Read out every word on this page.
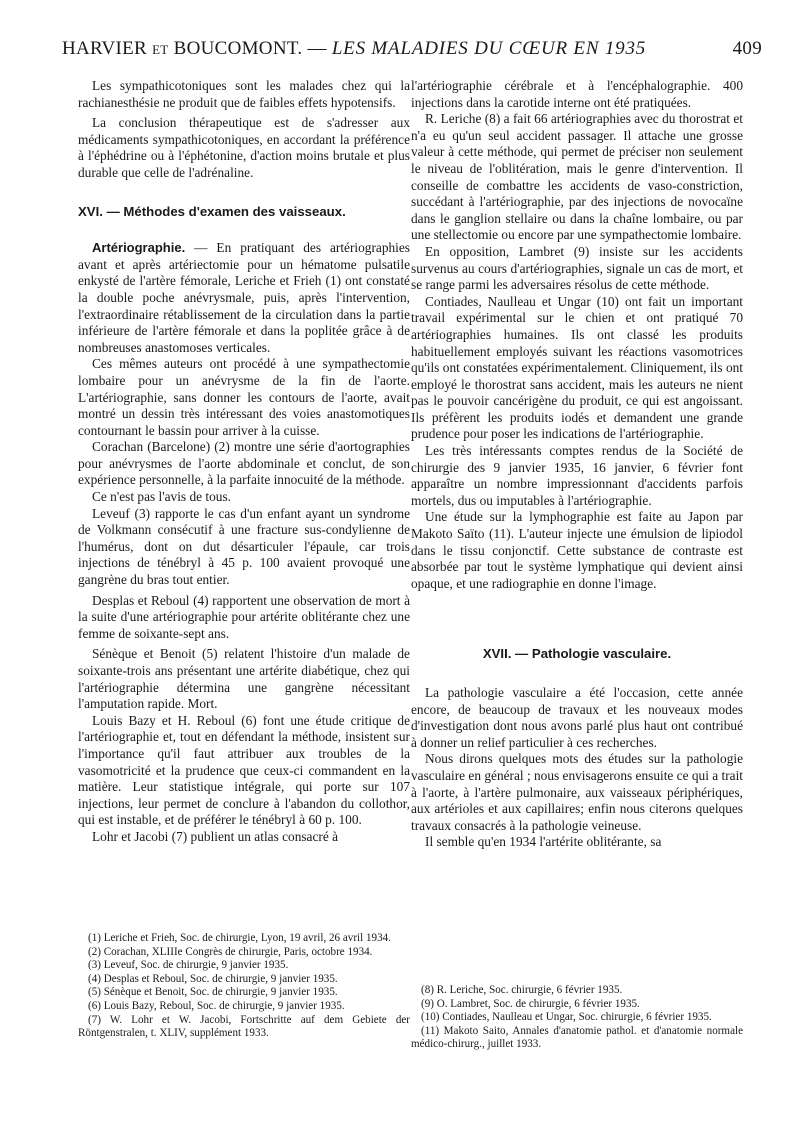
HARVIER et BOUCOMONT. — LES MALADIES DU CŒUR EN 1935	409

Les sympathicotoniques sont les malades chez qui la rachianesthésie ne produit que de faibles effets hypotensifs.

La conclusion thérapeutique est de s'adresser aux médicaments sympathicotoniques, en accordant la préférence à l'éphédrine ou à l'éphétonine, d'action moins brutale et plus durable que celle de l'adrénaline.

XVI. — Méthodes d'examen des vaisseaux.

Artériographie. — En pratiquant des artériographies avant et après artériectomie pour un hématome pulsatile enkysté de l'artère fémorale, Leriche et Frieh (1) ont constaté la double poche anévrysmale, puis, après l'intervention, l'extraordinaire rétablissement de la circulation dans la partie inférieure de l'artère fémorale et dans la poplitée grâce à de nombreuses anastomoses verticales.

Ces mêmes auteurs ont procédé à une sympathectomie lombaire pour un anévrysme de la fin de l'aorte. L'artériographie, sans donner les contours de l'aorte, avait montré un dessin très intéressant des voies anastomotiques contournant le bassin pour arriver à la cuisse.

Corachan (Barcelone) (2) montre une série d'aortographies pour anévrysmes de l'aorte abdominale et conclut, de son expérience personnelle, à la parfaite innocuité de la méthode.

Ce n'est pas l'avis de tous.

Leveuf (3) rapporte le cas d'un enfant ayant un syndrome de Volkmann consécutif à une fracture sus-condylienne de l'humérus, dont on dut désarticuler l'épaule, car trois injections de ténébryl à 45 p. 100 avaient provoqué une gangrène du bras tout entier.

Desplas et Reboul (4) rapportent une observation de mort à la suite d'une artériographie pour artérite oblitérante chez une femme de soixante-sept ans.

Sénèque et Benoit (5) relatent l'histoire d'un malade de soixante-trois ans présentant une artérite diabétique, chez qui l'artériographie détermina une gangrène nécessitant l'amputation rapide. Mort.

Louis Bazy et H. Reboul (6) font une étude critique de l'artériographie et, tout en défendant la méthode, insistent sur l'importance qu'il faut attribuer aux troubles de la vasomotricité et la prudence que ceux-ci commandent en la matière. Leur statistique intégrale, qui porte sur 107 injections, leur permet de conclure à l'abandon du collothor, qui est instable, et de préférer le ténébryl à 60 p. 100.

Lohr et Jacobi (7) publient un atlas consacré à

l'artériographie cérébrale et à l'encéphalographie. 400 injections dans la carotide interne ont été pratiquées.

R. Leriche (8) a fait 66 artériographies avec du thorostrat et n'a eu qu'un seul accident passager. Il attache une grosse valeur à cette méthode, qui permet de préciser non seulement le niveau de l'oblitération, mais le genre d'intervention. Il conseille de combattre les accidents de vaso-constriction, succédant à l'artériographie, par des injections de novocaïne dans le ganglion stellaire ou dans la chaîne lombaire, ou par une stellectomie ou encore par une sympathectomie lombaire.

En opposition, Lambret (9) insiste sur les accidents survenus au cours d'artériographies, signale un cas de mort, et se range parmi les adversaires résolus de cette méthode.

Contiades, Naulleau et Ungar (10) ont fait un important travail expérimental sur le chien et ont pratiqué 70 artériographies humaines. Ils ont classé les produits habituellement employés suivant les réactions vasomotrices qu'ils ont constatées expérimentalement. Cliniquement, ils ont employé le thorostrat sans accident, mais les auteurs ne nient pas le pouvoir cancérigène du produit, ce qui est angoissant. Ils préfèrent les produits iodés et demandent une grande prudence pour poser les indications de l'artériographie.

Les très intéressants comptes rendus de la Société de chirurgie des 9 janvier 1935, 16 janvier, 6 février font apparaître un nombre impressionnant d'accidents parfois mortels, dus ou imputables à l'artériographie.

Une étude sur la lymphographie est faite au Japon par Makoto Saïto (11). L'auteur injecte une émulsion de lipiodol dans le tissu conjonctif. Cette substance de contraste est absorbée par tout le système lymphatique qui devient ainsi opaque, et une radiographie en donne l'image.

XVII. — Pathologie vasculaire.

La pathologie vasculaire a été l'occasion, cette année encore, de beaucoup de travaux et les nouveaux modes d'investigation dont nous avons parlé plus haut ont contribué à donner un relief particulier à ces recherches.

Nous dirons quelques mots des études sur la pathologie vasculaire en général ; nous envisagerons ensuite ce qui a trait à l'aorte, à l'artère pulmonaire, aux vaisseaux périphériques, aux artérioles et aux capillaires; enfin nous citerons quelques travaux consacrés à la pathologie veineuse.

Il semble qu'en 1934 l'artérite oblitérante, sa

(1) Leriche et Frieh, Soc. de chirurgie, Lyon, 19 avril, 26 avril 1934.

(2) Corachan, XLIIIe Congrès de chirurgie, Paris, octobre 1934.

(3) Leveuf, Soc. de chirurgie, 9 janvier 1935.

(4) Desplas et Reboul, Soc. de chirurgie, 9 janvier 1935.

(5) Sénèque et Benoit, Soc. de chirurgie, 9 janvier 1935.

(6) Louis Bazy, Reboul, Soc. de chirurgie, 9 janvier 1935.

(7) W. Lohr et W. Jacobi, Fortschritte auf dem Gebiete der Röntgenstralen, t. XLIV, supplément 1933.

(8) R. Leriche, Soc. chirurgie, 6 février 1935.

(9) O. Lambret, Soc. de chirurgie, 6 février 1935.

(10) Contiades, Naulleau et Ungar, Soc. chirurgie, 6 février 1935.

(11) Makoto Saito, Annales d'anatomie pathol. et d'anatomie normale médico-chirurg., juillet 1933.
